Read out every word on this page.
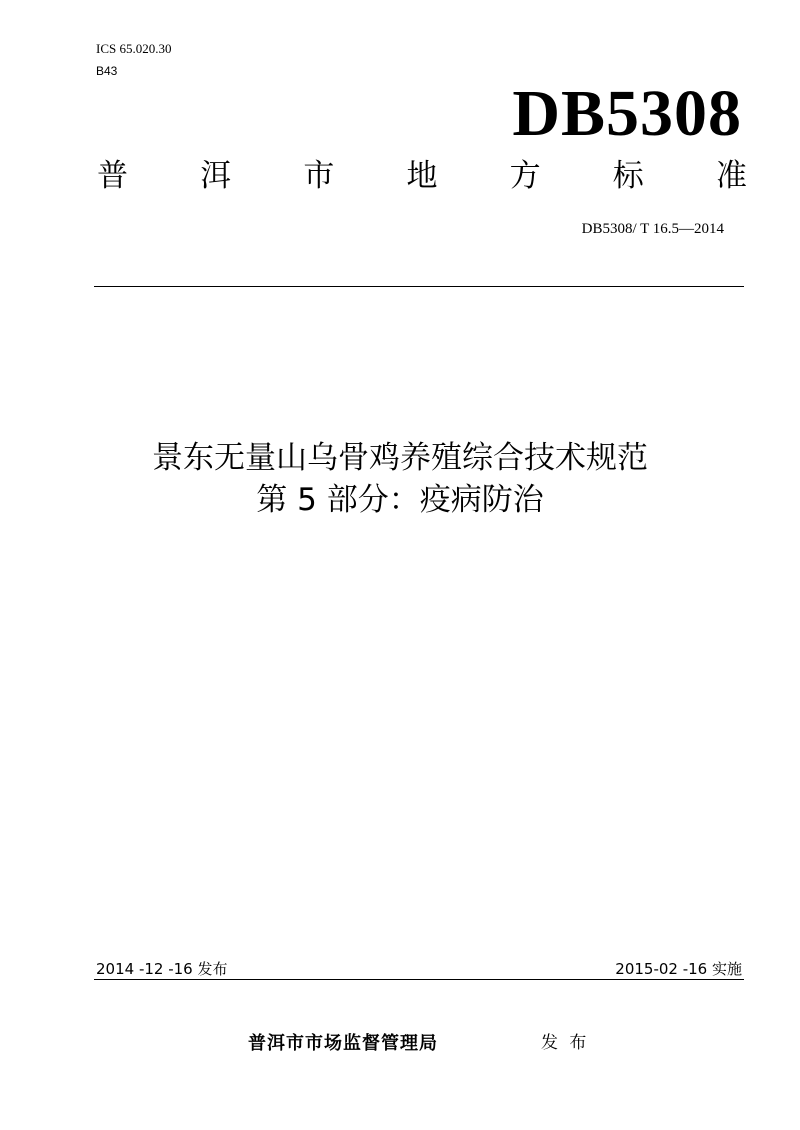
ICS 65.020.30
B43
DB5308
普 洱 市 地 方 标 准
DB5308/ T 16.5—2014
景东无量山乌骨鸡养殖综合技术规范
第 5 部分：疫病防治
2014 -12 -16 发布	2015-02 -16 实施
普洱市市场监督管理局	发 布
